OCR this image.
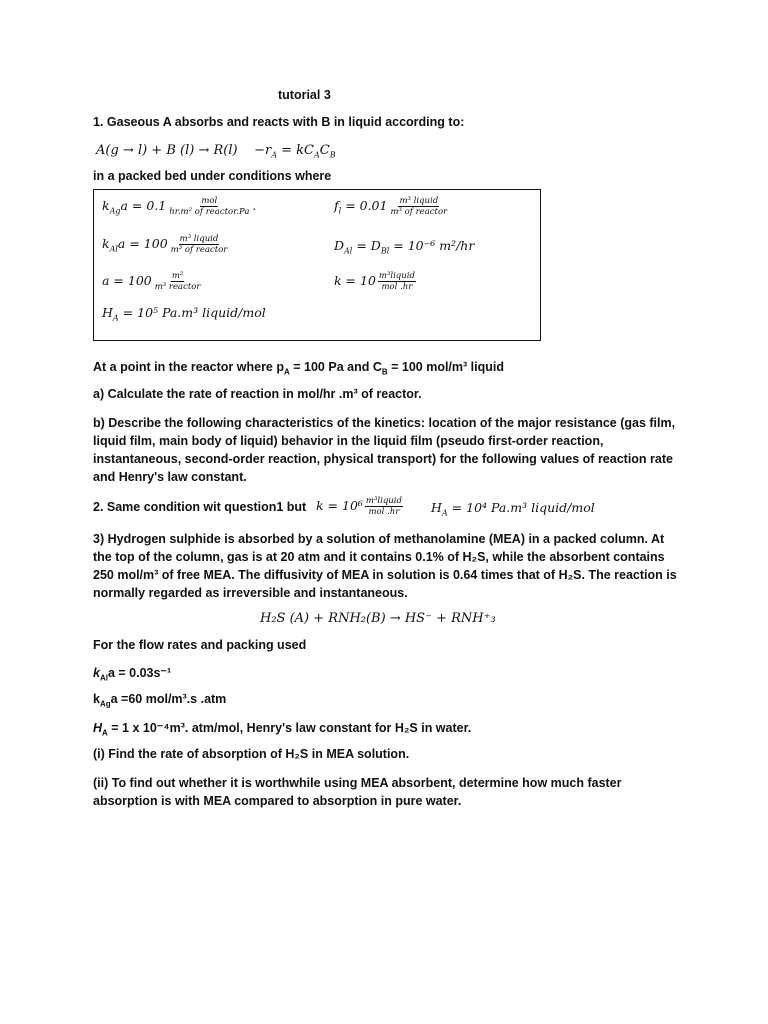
tutorial 3
1. Gaseous A absorbs and reacts with B in liquid according to:
A(g → l) + B $(l) \to R(l) -r_A = kC_AC_B$
in a packed bed under conditions where
$k_{Ag}a = 0.1 \frac{\text{mol}}{\text{hr.m² of reactor.Pa}}$ .	$f_l = 0.01 \frac{\text{m³ liquid}}{\text{m³ of reactor}}$
$k_{Al}a = 100 \frac{\text{m³ liquid}}{\text{m³ of reactor}}$	$D_{Al} = D_{Bl} = 10^{-6}$ m²/hr
$a = 100 \frac{\text{m²}}{\text{m³ reactor}}$	$k = 10 \frac{\text{m³liquid}}{\text{mol .hr}}$
$H_A = 10^5$ Pa.m³ liquid/mol
At a point in the reactor where $p_A = 100$ Pa and $C_B = 100$ mol/m³ liquid
a) Calculate the rate of reaction in mol/hr .m³ of reactor.
b) Describe the following characteristics of the kinetics: location of the major resistance (gas film, liquid film, main body of liquid) behavior in the liquid film (pseudo first-order reaction, instantaneous, second-order reaction, physical transport) for the following values of reaction rate and Henry's law constant.
2. Same condition wit question1 but $k = 10^6 \frac{\text{m³liquid}}{\text{mol .hr}} H_A = 10^4$ Pa.m³ liquid/mol
3) Hydrogen sulphide is absorbed by a solution of methanolamine (MEA) in a packed column. At the top of the column, gas is at 20 atm and it contains 0.1% of H₂S, while the absorbent contains 250 mol/m³ of free MEA. The diffusivity of MEA in solution is 0.64 times that of H₂S. The reaction is normally regarded as irreversible and instantaneous.
H₂S (A) + RNH₂(B) → HS⁻ + RNH⁺₃
For the flow rates and packing used
$k_{Al}a = 0.03s^{-1}$
$k_{Ag}a =60$ mol/m³.s .atm
$H_A = 1$ x 10⁻⁴m³. atm/mol, Henry's law constant for H₂S in water.
(i) Find the rate of absorption of H₂S in MEA solution.
(ii) To find out whether it is worthwhile using MEA absorbent, determine how much faster absorption is with MEA compared to absorption in pure water.
